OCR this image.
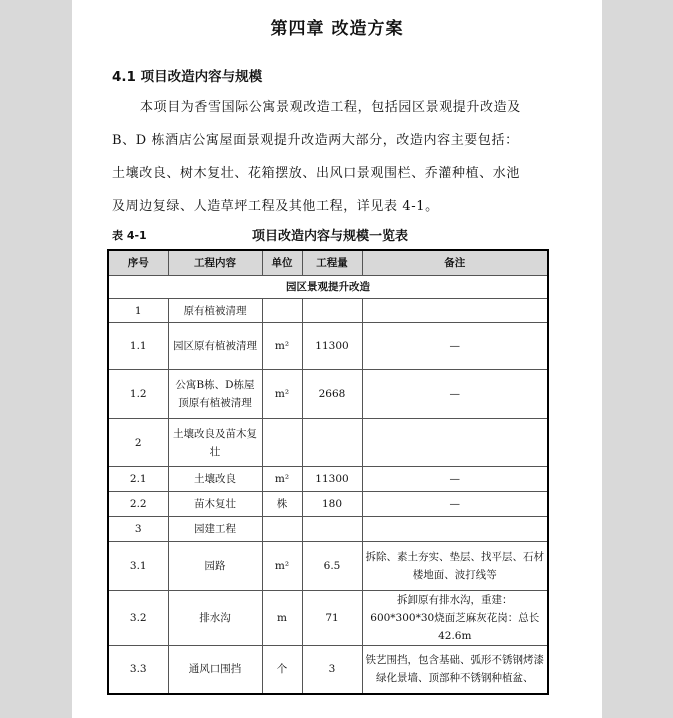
第四章 改造方案
4.1 项目改造内容与规模
本项目为香雪国际公寓景观改造工程，包括园区景观提升改造及
B、D 栋酒店公寓屋面景观提升改造两大部分，改造内容主要包括：
土壤改良、树木复壮、花箱摆放、出风口景观围栏、乔灌种植、水池
及周边复绿、人造草坪工程及其他工程，详见表 4-1。
表 4-1	项目改造内容与规模一览表
序号	工程内容	单位	工程量	备注
园区景观提升改造				
1	原有植被清理			
1.1	园区原有植被清理	m²	11300	—
1.2	公寓B栋、D栋屋顶原有植被清理	m²	2668	—
2	土壤改良及苗木复壮			
2.1	土壤改良	m²	11300	—
2.2	苗木复壮	株	180	—
3	园建工程			
3.1	园路	m²	6.5	拆除、素土夯实、垫层、找平层、石材楼地面、波打线等
3.2	排水沟	m	71	拆卸原有排水沟，重建：600*300*30烧面芝麻灰花岗：总长 42.6m
3.3	通风口围挡	个	3	铁艺围挡，包含基础、弧形不锈钢烤漆绿化景墙、顶部种不锈钢种植盆、
